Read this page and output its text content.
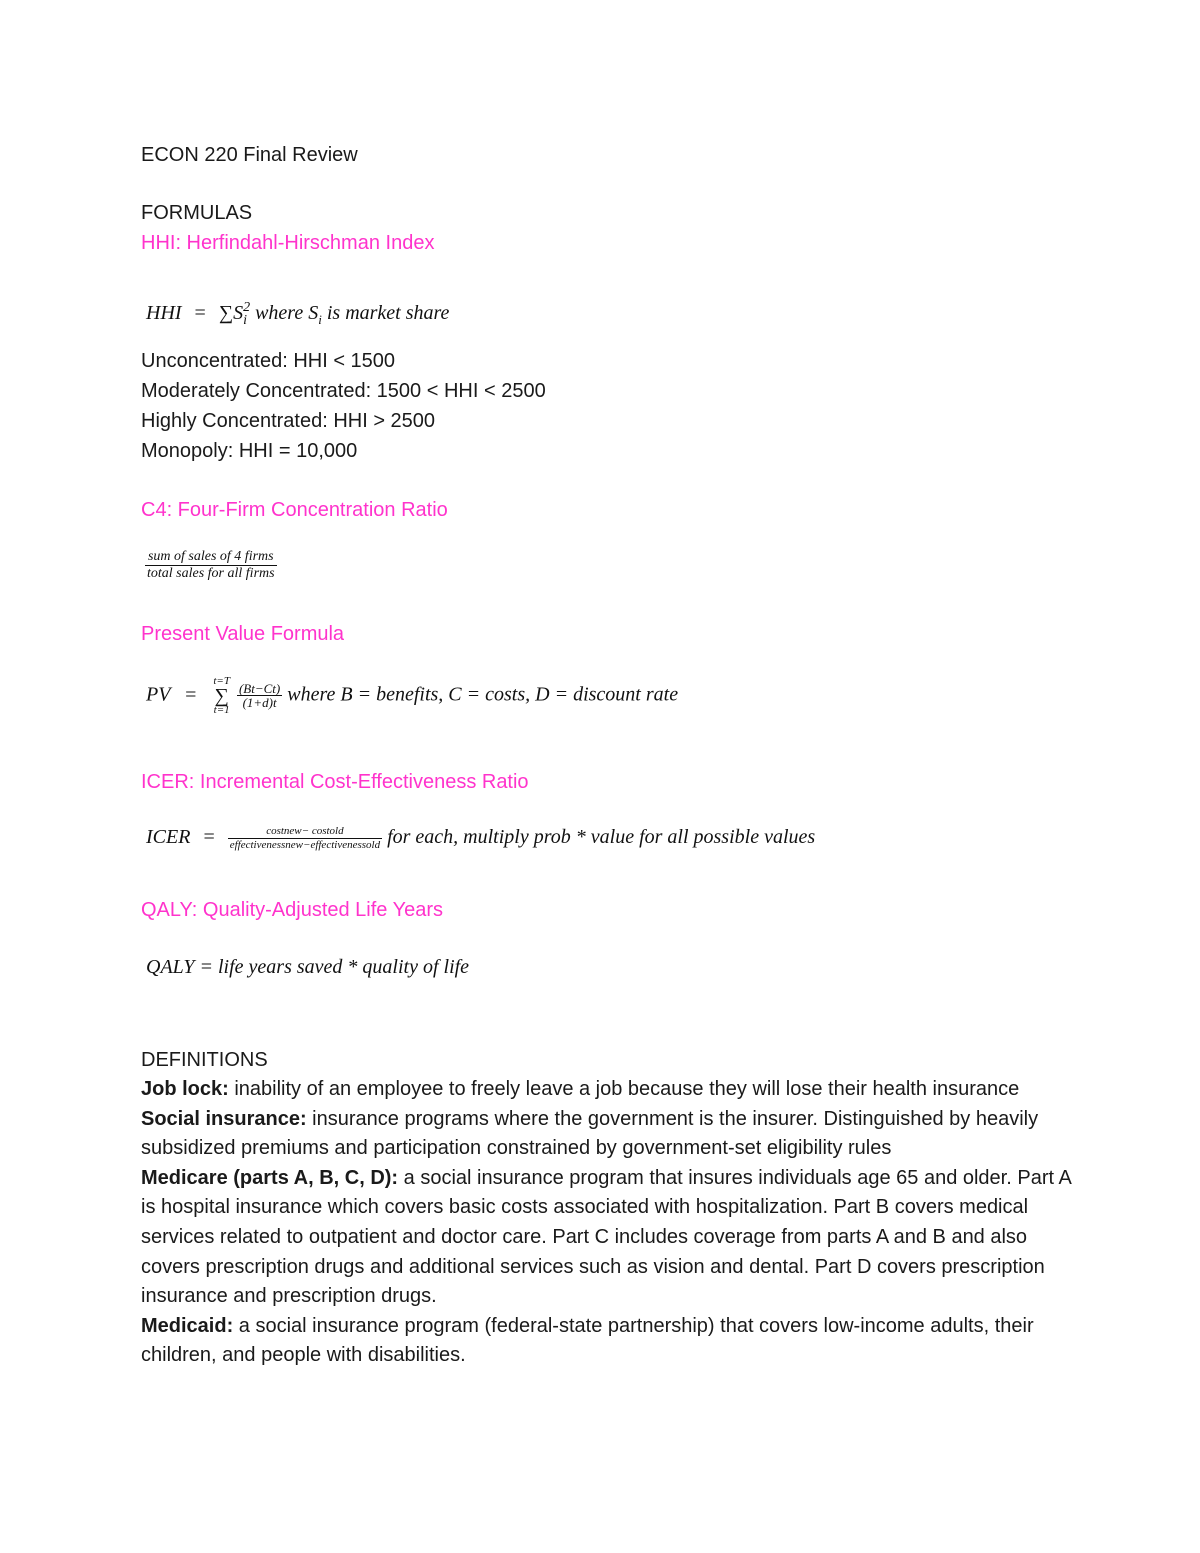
ECON 220 Final Review
FORMULAS
HHI: Herfindahl-Hirschman Index
HHI = ∑S 2
i where $S_i$ is market share
Unconcentrated: HHI < 1500
Moderately Concentrated: 1500 < HHI < 2500
Highly Concentrated: HHI > 2500
Monopoly: HHI = 10,000
C4: Four-Firm Concentration Ratio
$\frac{\text{sum of sales of 4 firms}}{\text{total sales for all firms}}$
Present Value Formula
PV =
t=T
∑
t=1
$\frac{(Bt-Ct)}{(1+d)t}$ where B = benefits, C = costs, D = discount rate
ICER: Incremental Cost-Effectiveness Ratio
ICER = $\frac{\text{costnew− costold}}{\text{effectivenessnew−effectivenessold}}$ for each, multiply prob * value for all possible values
QALY: Quality-Adjusted Life Years
QALY = life years saved * quality of life
DEFINITIONS
Job lock: inability of an employee to freely leave a job because they will lose their health insurance
Social insurance: insurance programs where the government is the insurer. Distinguished by heavily subsidized premiums and participation constrained by government-set eligibility rules
Medicare (parts A, B, C, D): a social insurance program that insures individuals age 65 and older. Part A is hospital insurance which covers basic costs associated with hospitalization. Part B covers medical services related to outpatient and doctor care. Part C includes coverage from parts A and B and also covers prescription drugs and additional services such as vision and dental. Part D covers prescription insurance and prescription drugs.
Medicaid: a social insurance program (federal-state partnership) that covers low-income adults, their children, and people with disabilities.
